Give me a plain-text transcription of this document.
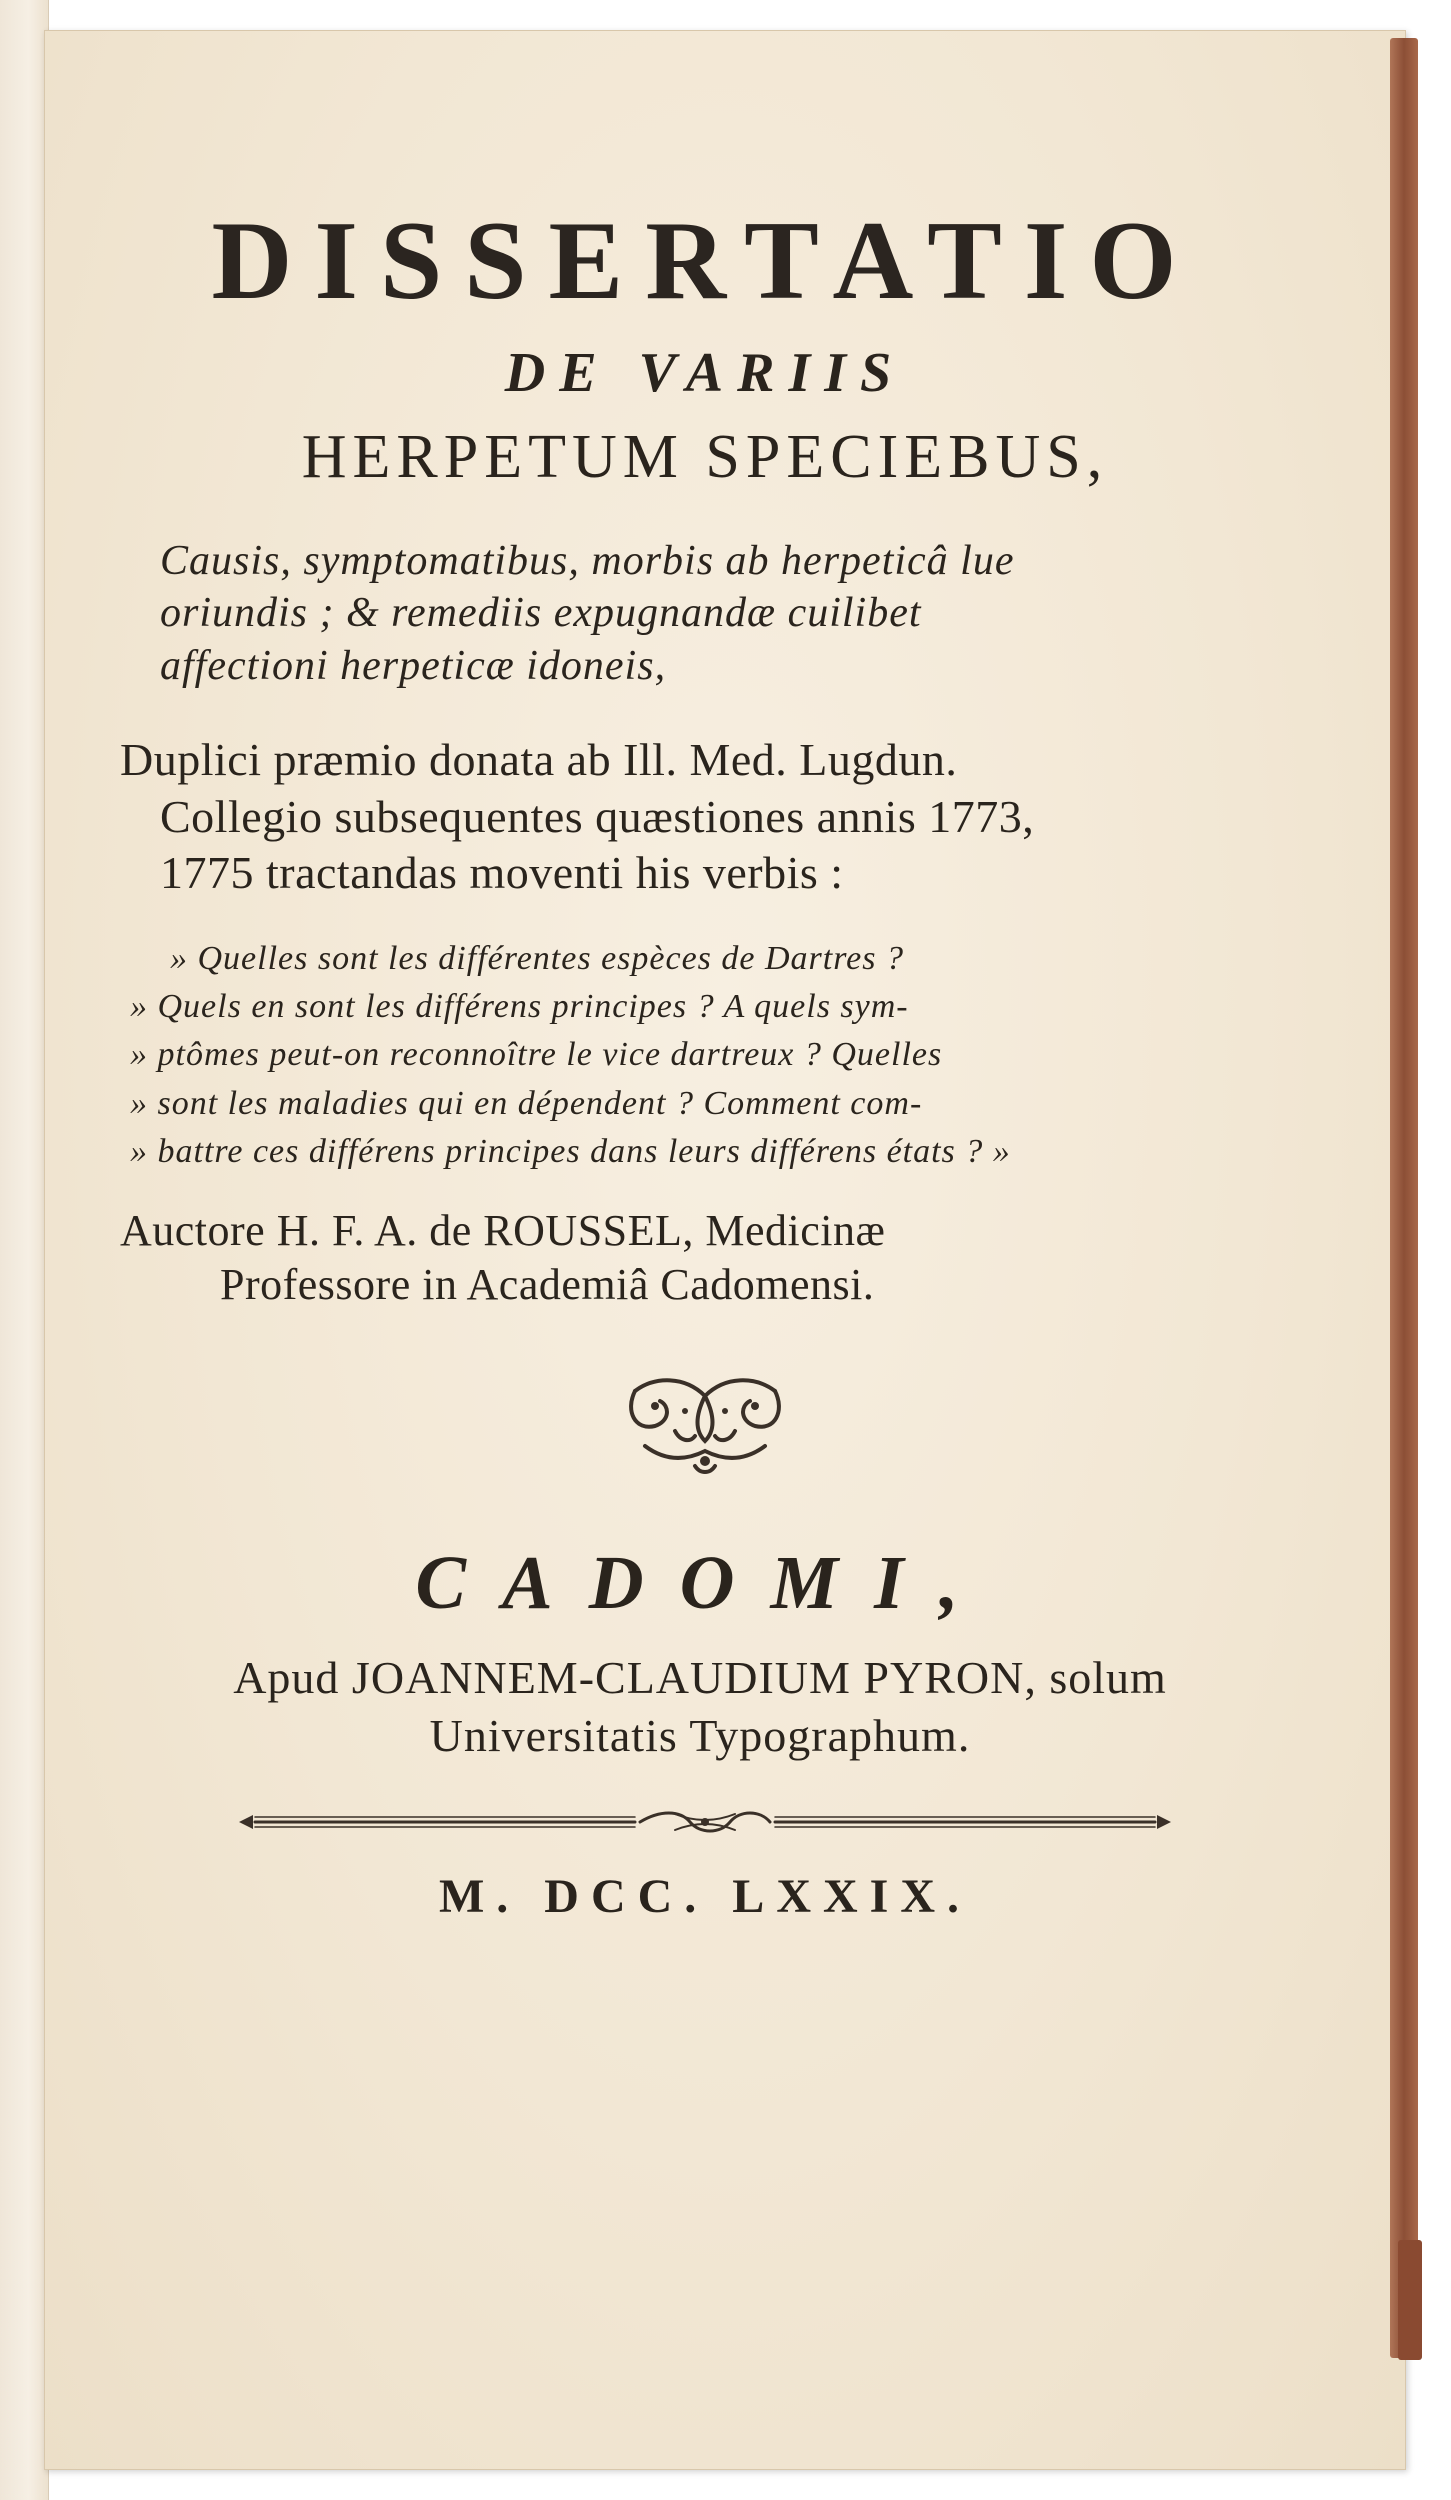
DISSERTATIO
DE VARIIS
HERPETUM SPECIEBUS,
Causis, symptomatibus, morbis ab herpeticâ lue
oriundis ; & remediis expugnandæ cuilibet
affectioni herpeticæ idoneis,
Duplici præmio donata ab Ill. Med. Lugdun.
Collegio subsequentes quæstiones annis 1773,
1775 tractandas moventi his verbis :
» Quelles sont les différentes espèces de Dartres ?
» Quels en sont les différens principes ? A quels sym-
» ptômes peut-on reconnoître le vice dartreux ? Quelles
» sont les maladies qui en dépendent ? Comment com-
» battre ces différens principes dans leurs différens états ? »
Auctore H. F. A. de ROUSSEL, Medicinæ
Professore in Academiâ Cadomensi.
CADOMI,
Apud JOANNEM-CLAUDIUM PYRON, solum
Universitatis Typographum.
M. DCC. LXXIX.
